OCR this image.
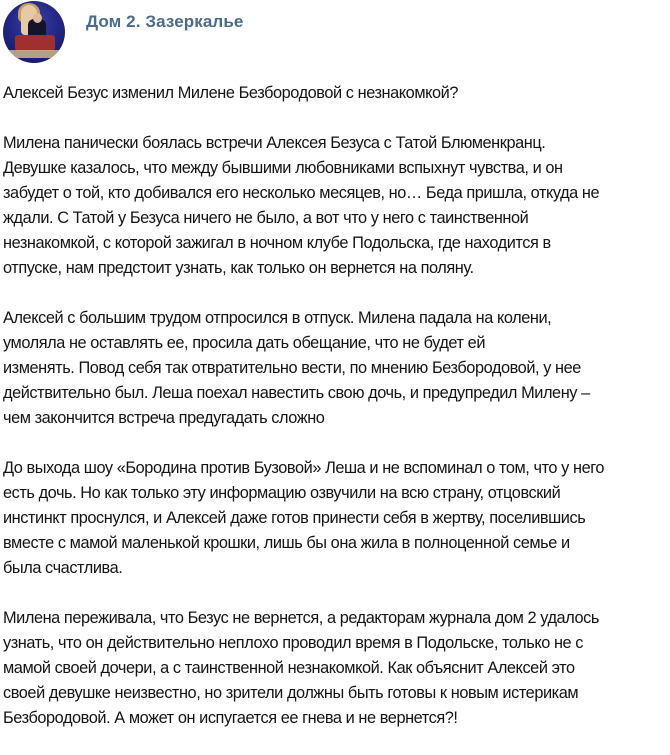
Дом 2. Зазеркалье

Алексей Безус изменил Милене Безбородовой с незнакомкой?

Милена панически боялась встречи Алексея Безуса с Татой Блюменкранц.
Девушке казалось, что между бывшими любовниками вспыхнут чувства, и он
забудет о той, кто добивался его несколько месяцев, но… Беда пришла, откуда не
ждали. С Татой у Безуса ничего не было, а вот что у него с таинственной
незнакомкой, с которой зажигал в ночном клубе Подольска, где находится в
отпуске, нам предстоит узнать, как только он вернется на поляну.

Алексей с большим трудом отпросился в отпуск. Милена падала на колени,
умоляла не оставлять ее, просила дать обещание, что не будет ей
изменять. Повод себя так отвратительно вести, по мнению Безбородовой, у нее
действительно был. Леша поехал навестить свою дочь, и предупредил Милену –
чем закончится встреча предугадать сложно

До выхода шоу «Бородина против Бузовой» Леша и не вспоминал о том, что у него
есть дочь. Но как только эту информацию озвучили на всю страну, отцовский
инстинкт проснулся, и Алексей даже готов принести себя в жертву, поселившись
вместе с мамой маленькой крошки, лишь бы она жила в полноценной семье и
была счастлива.

Милена переживала, что Безус не вернется, а редакторам журнала дом 2 удалось
узнать, что он действительно неплохо проводил время в Подольске, только не с
мамой своей дочери, а с таинственной незнакомкой. Как объяснит Алексей это
своей девушке неизвестно, но зрители должны быть готовы к новым истерикам
Безбородовой. А может он испугается ее гнева и не вернется?!
